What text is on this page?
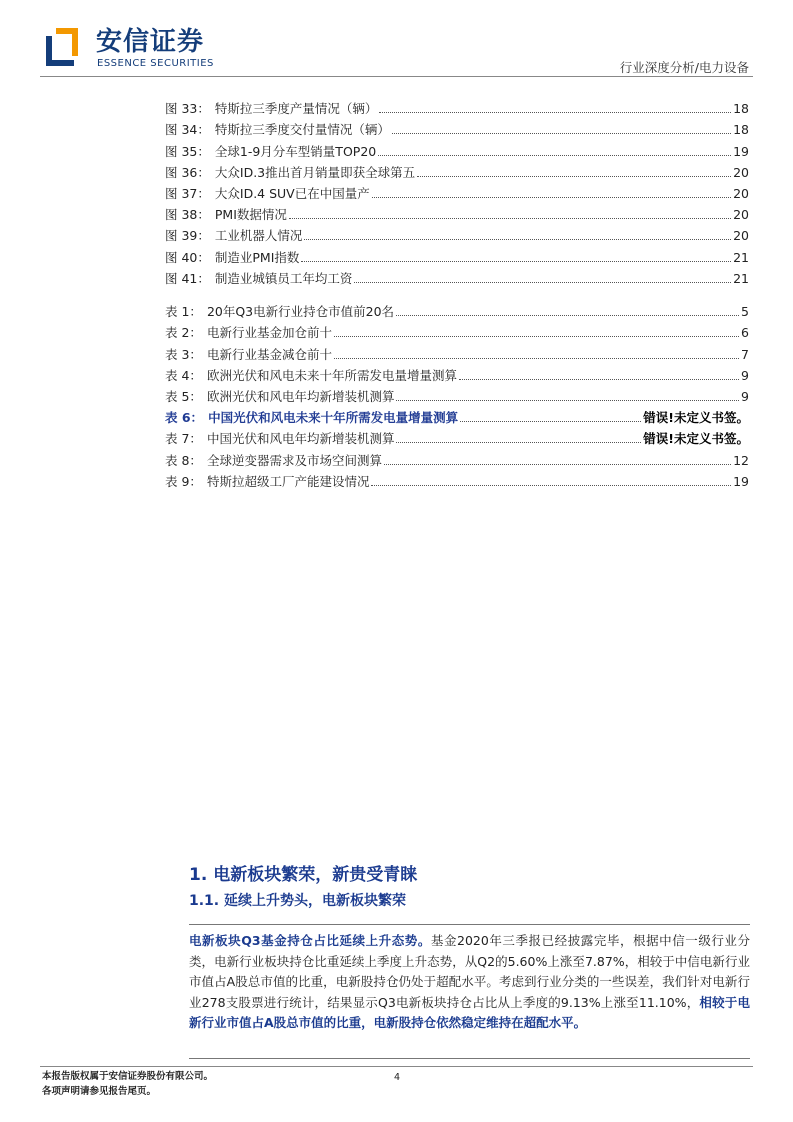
安信证券
ESSENCE SECURITIES	行业深度分析/电力设备
图 33： 特斯拉三季度产量情况（辆）	18
图 34： 特斯拉三季度交付量情况（辆）	18
图 35： 全球1-9月分车型销量TOP20	19
图 36： 大众ID.3推出首月销量即获全球第五	20
图 37： 大众ID.4 SUV已在中国量产	20
图 38： PMI数据情况	20
图 39： 工业机器人情况	20
图 40： 制造业PMI指数	21
图 41： 制造业城镇员工年均工资	21
表 1： 20年Q3电新行业持仓市值前20名	5
表 2： 电新行业基金加仓前十	6
表 3： 电新行业基金减仓前十	7
表 4： 欧洲光伏和风电未来十年所需发电量增量测算	9
表 5： 欧洲光伏和风电年均新增装机测算	9
表 6： 中国光伏和风电未来十年所需发电量增量测算	错误!未定义书签。
表 7： 中国光伏和风电年均新增装机测算	错误!未定义书签。
表 8： 全球逆变器需求及市场空间测算	12
表 9： 特斯拉超级工厂产能建设情况	19
1. 电新板块繁荣，新贵受青睐
1.1. 延续上升势头，电新板块繁荣
电新板块Q3基金持仓占比延续上升态势。基金2020年三季报已经披露完毕，根据中信一级行业分类，电新行业板块持仓比重延续上季度上升态势，从Q2的5.60%上涨至7.87%，相较于中信电新行业市值占A股总市值的比重，电新股持仓仍处于超配水平。考虑到行业分类的一些误差，我们针对电新行业278支股票进行统计，结果显示Q3电新板块持仓占比从上季度的9.13%上涨至11.10%，相较于电新行业市值占A股总市值的比重，电新股持仓依然稳定维持在超配水平。
本报告版权属于安信证券股份有限公司。
各项声明请参见报告尾页。
4
